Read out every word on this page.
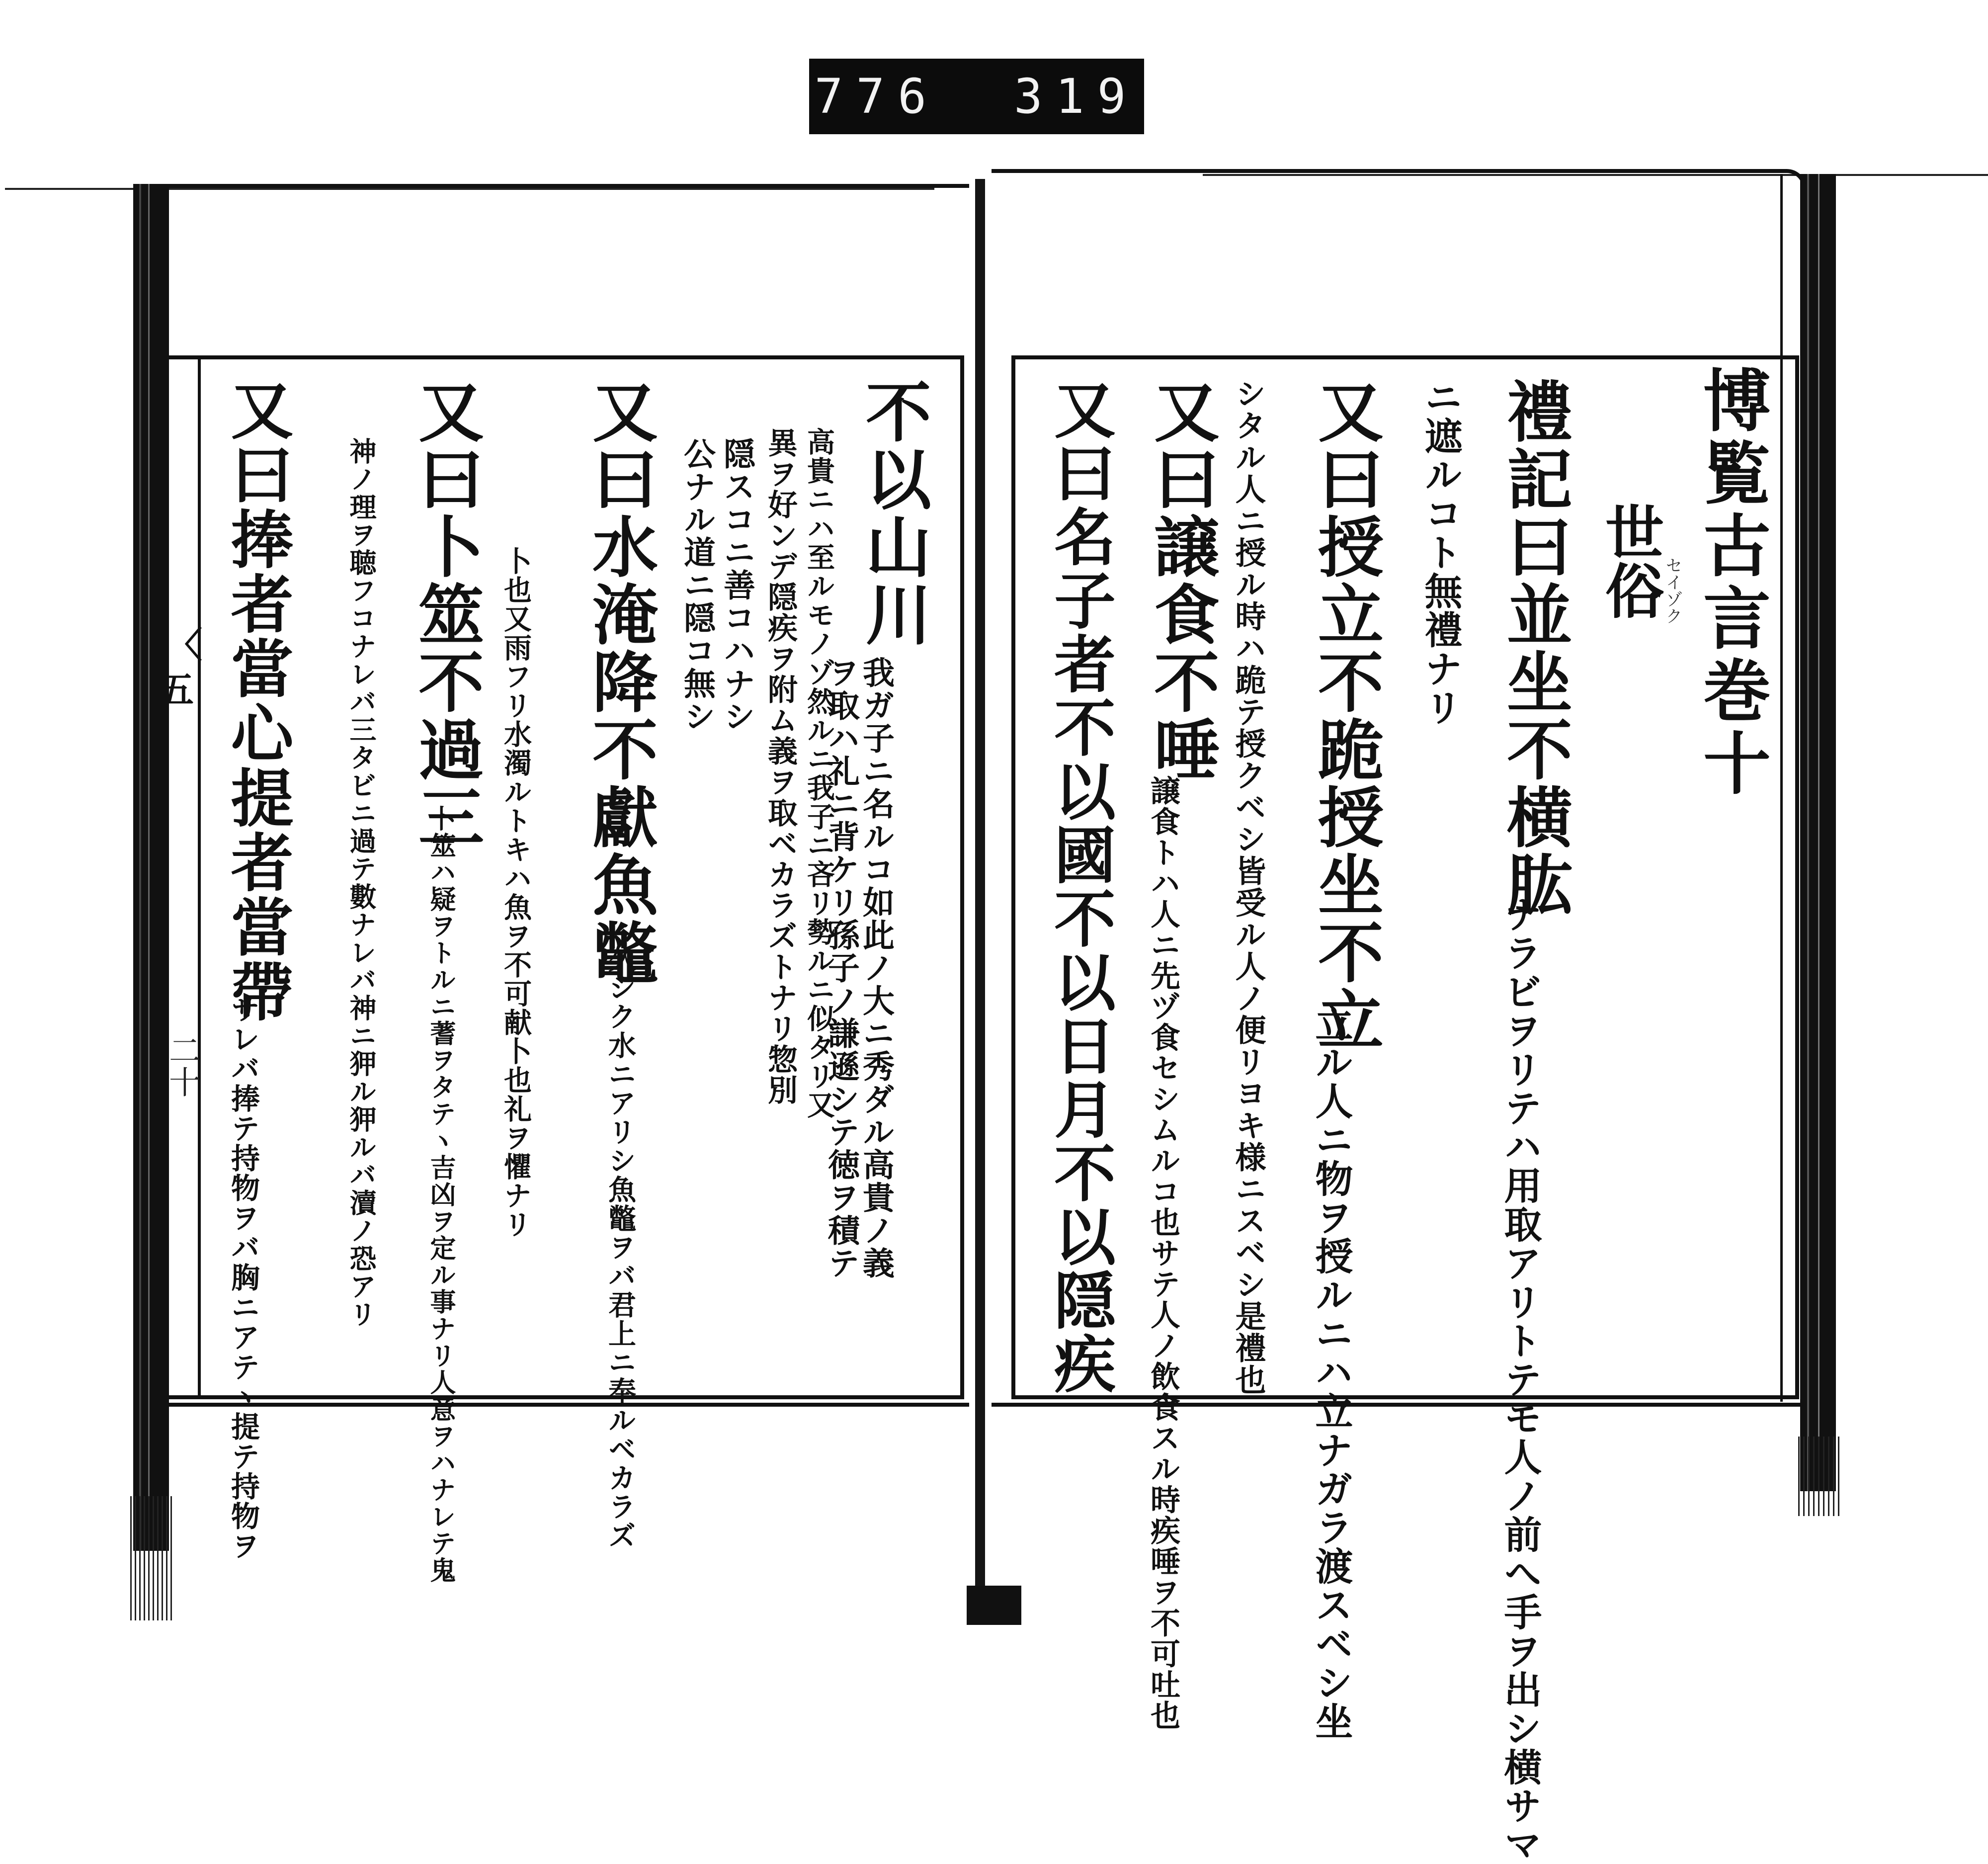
776 319
〈
五
二十
博覧古言巻十
世俗
セイゾク
禮記曰並坐不横肱
ナラビヲリテハ用取アリトテモ人ノ前へ手ヲ出シ横サマ
ニ遮ルコト無禮ナリ
又曰授立不跪授坐不立
立ル人ニ物ヲ授ルニハ立ナガラ渡スベシ坐
シタル人ニ授ル時ハ跪テ授クベシ皆受ル人ノ便リヨキ様ニスベシ是禮也
又曰譲食不唾
譲食トハ人ニ先ヅ食セシムルコ也サテ人ノ飲食スル時疾唾ヲ不可吐也
又曰名子者不以國不以日月不以隠疾
不以山川
我ガ子ニ名ルコ如此ノ大ニ秀ダル高貴ノ義
ヲ取ハ礼ニ背ケリ孫子ノ謙遜シテ徳ヲ積テ
高貴ニハ至ルモノゾ然ルニ我子ニ吝リ勢ルニ似タリ又
異ヲ好ンデ隠疾ヲ附ム義ヲ取ベカラズトナリ惣別
隠スコニ善コハナシ
公ナル道ニ隠コ無シ
又曰水淹降不獻魚鼈
久シク水ニアリシ魚鼈ヲバ君上ニ奉ルベカラズ
卜也又雨フリ水濁ルトキハ魚ヲ不可献卜也礼ヲ懼ナリ
又曰卜筮不過三
卜筮ハ疑ヲトルニ蓍ヲタテヽ吉凶ヲ定ル事ナリ人意ヲハナレテ鬼
神ノ理ヲ聴フコナレバ三タビニ過テ數ナレバ神ニ狎ル狎ルバ瀆ノ恐アリ
又曰捧者當心提者當帶
サレバ捧テ持物ヲバ胸ニアテヽ提テ持物ヲ
